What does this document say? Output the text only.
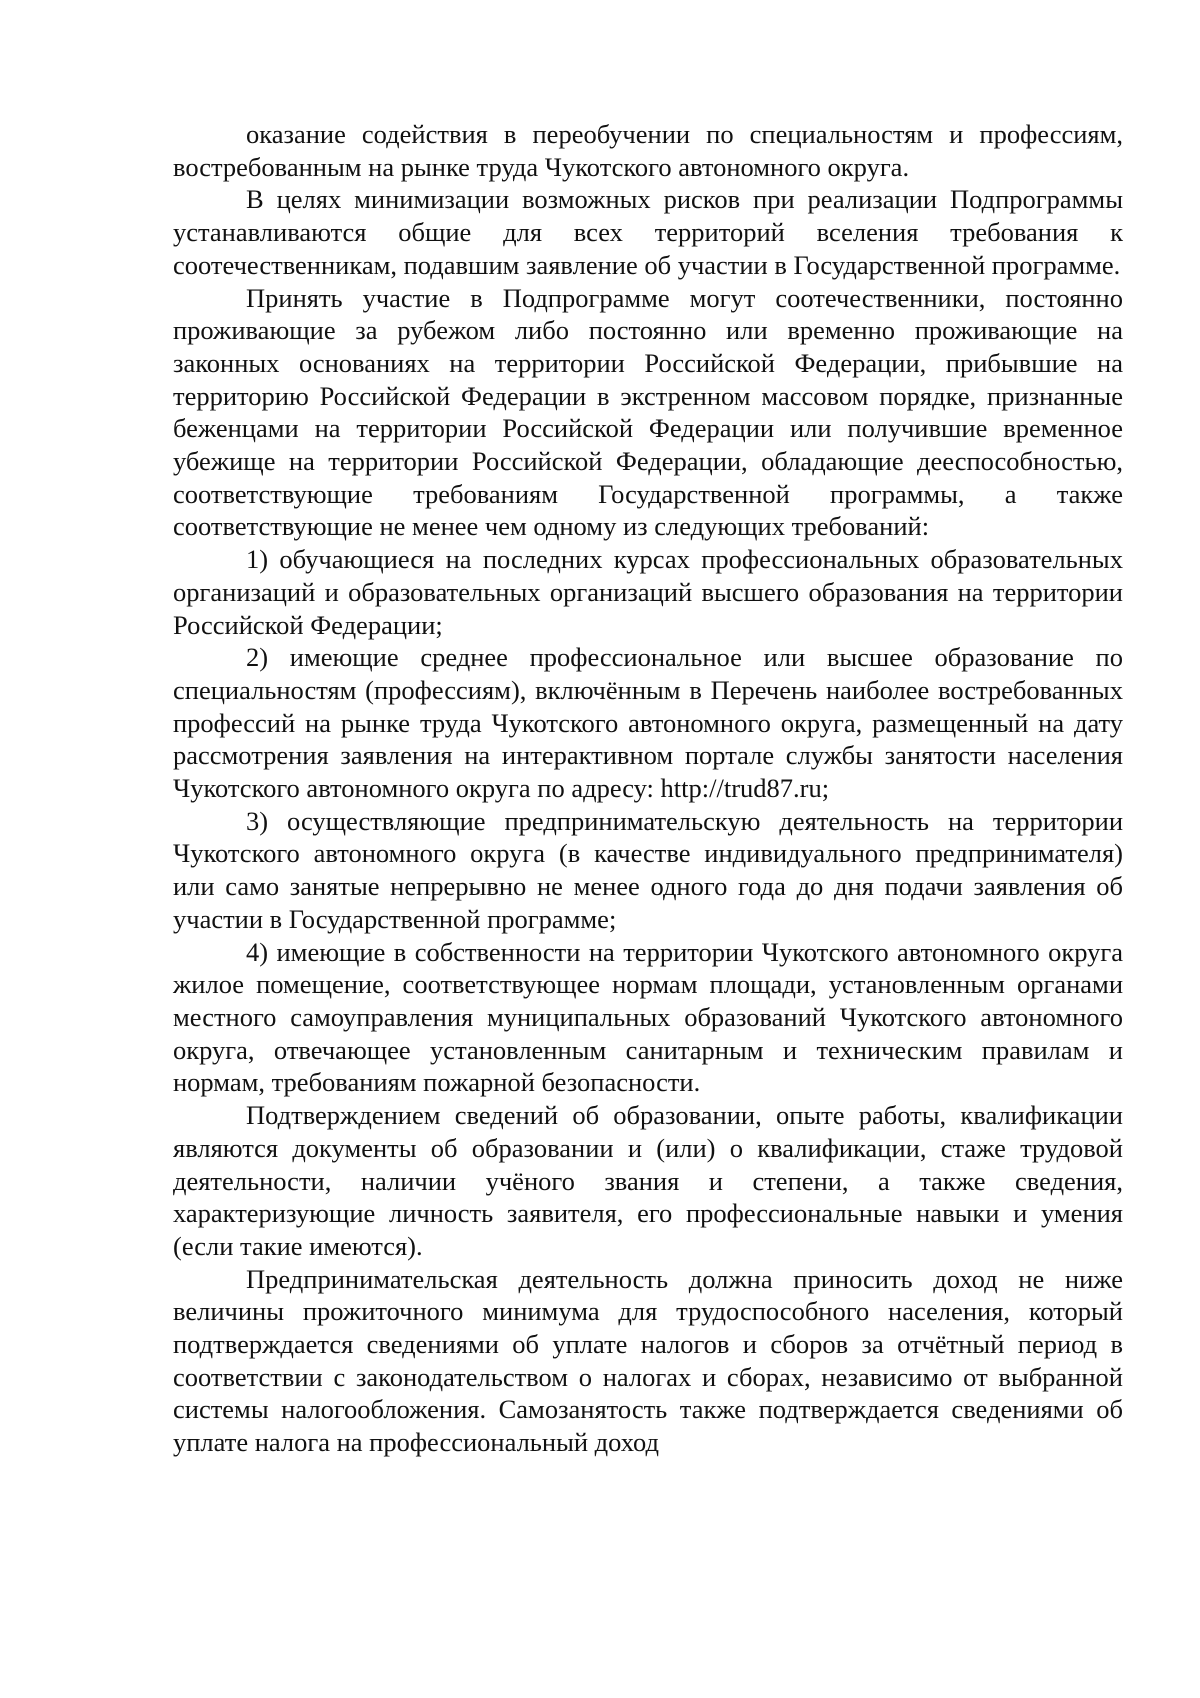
оказание содействия в переобучении по специальностям и профессиям, востребованным на рынке труда Чукотского автономного округа.

В целях минимизации возможных рисков при реализации Подпрограммы устанавливаются общие для всех территорий вселения требования к соотечественникам, подавшим заявление об участии в Государственной программе.

Принять участие в Подпрограмме могут соотечественники, постоянно проживающие за рубежом либо постоянно или временно проживающие на законных основаниях на территории Российской Федерации, прибывшие на территорию Российской Федерации в экстренном массовом порядке, признанные беженцами на территории Российской Федерации или получившие временное убежище на территории Российской Федерации, обладающие дееспособностью, соответствующие требованиям Государственной программы, а также соответствующие не менее чем одному из следующих требований:

1) обучающиеся на последних курсах профессиональных образовательных организаций и образовательных организаций высшего образования на территории Российской Федерации;

2) имеющие среднее профессиональное или высшее образование по специальностям (профессиям), включённым в Перечень наиболее востребованных профессий на рынке труда Чукотского автономного округа, размещенный на дату рассмотрения заявления на интерактивном портале службы занятости населения Чукотского автономного округа по адресу: http://trud87.ru;

3) осуществляющие предпринимательскую деятельность на территории Чукотского автономного округа (в качестве индивидуального предпринимателя) или само занятые непрерывно не менее одного года до дня подачи заявления об участии в Государственной программе;

4) имеющие в собственности на территории Чукотского автономного округа жилое помещение, соответствующее нормам площади, установленным органами местного самоуправления муниципальных образований Чукотского автономного округа, отвечающее установленным санитарным и техническим правилам и нормам, требованиям пожарной безопасности.

Подтверждением сведений об образовании, опыте работы, квалификации являются документы об образовании и (или) о квалификации, стаже трудовой деятельности, наличии учёного звания и степени, а также сведения, характеризующие личность заявителя, его профессиональные навыки и умения (если такие имеются).

Предпринимательская деятельность должна приносить доход не ниже величины прожиточного минимума для трудоспособного населения, который подтверждается сведениями об уплате налогов и сборов за отчётный период в соответствии с законодательством о налогах и сборах, независимо от выбранной системы налогообложения. Самозанятость также подтверждается сведениями об уплате налога на профессиональный доход
